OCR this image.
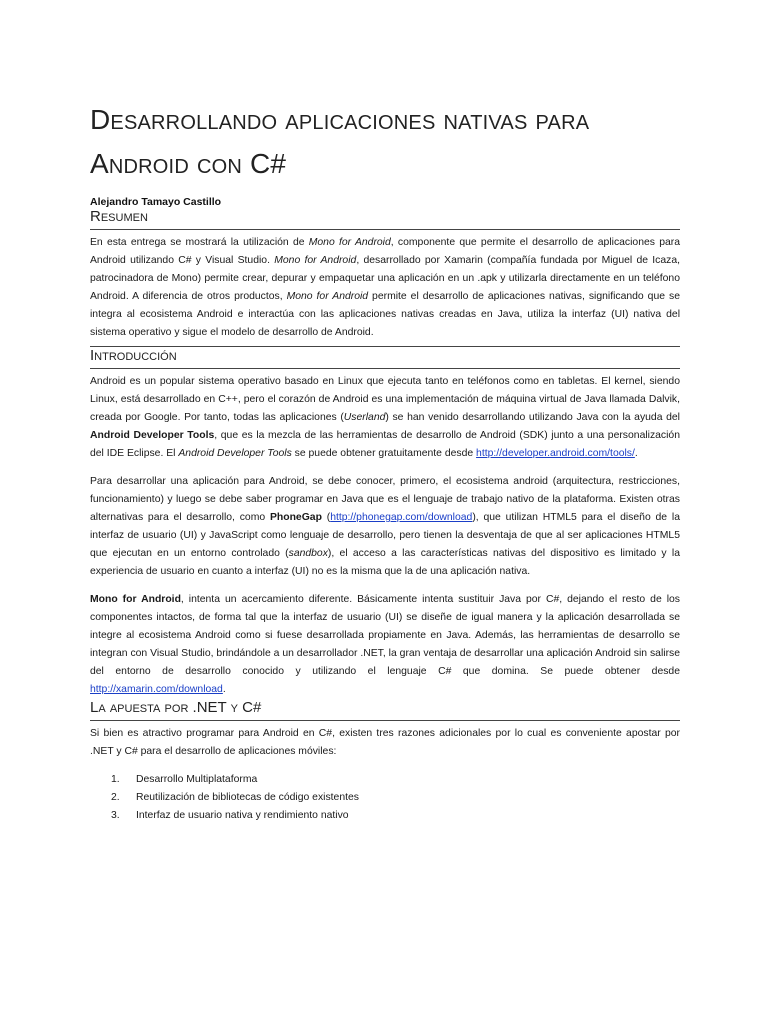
Desarrollando aplicaciones nativas para
Android con C#
Alejandro Tamayo Castillo
Resumen

En esta entrega se mostrará la utilización de Mono for Android, componente que permite el desarrollo de aplicaciones para Android utilizando C# y Visual Studio. Mono for Android, desarrollado por Xamarin (compañía fundada por Miguel de Icaza, patrocinadora de Mono) permite crear, depurar y empaquetar una aplicación en un .apk y utilizarla directamente en un teléfono Android. A diferencia de otros productos, Mono for Android permite el desarrollo de aplicaciones nativas, significando que se integra al ecosistema Android e interactúa con las aplicaciones nativas creadas en Java, utiliza la interfaz (UI) nativa del sistema operativo y sigue el modelo de desarrollo de Android.

Introducción

Android es un popular sistema operativo basado en Linux que ejecuta tanto en teléfonos como en tabletas. El kernel, siendo Linux, está desarrollado en C++, pero el corazón de Android es una implementación de máquina virtual de Java llamada Dalvik, creada por Google. Por tanto, todas las aplicaciones (Userland) se han venido desarrollando utilizando Java con la ayuda del Android Developer Tools, que es la mezcla de las herramientas de desarrollo de Android (SDK) junto a una personalización del IDE Eclipse. El Android Developer Tools se puede obtener gratuitamente desde http://developer.android.com/tools/.

Para desarrollar una aplicación para Android, se debe conocer, primero, el ecosistema android (arquitectura, restricciones, funcionamiento) y luego se debe saber programar en Java que es el lenguaje de trabajo nativo de la plataforma. Existen otras alternativas para el desarrollo, como PhoneGap (http://phonegap.com/download), que utilizan HTML5 para el diseño de la interfaz de usuario (UI) y JavaScript como lenguaje de desarrollo, pero tienen la desventaja de que al ser aplicaciones HTML5 que ejecutan en un entorno controlado (sandbox), el acceso a las características nativas del dispositivo es limitado y la experiencia de usuario en cuanto a interfaz (UI) no es la misma que la de una aplicación nativa.

Mono for Android, intenta un acercamiento diferente. Básicamente intenta sustituir Java por C#, dejando el resto de los componentes intactos, de forma tal que la interfaz de usuario (UI) se diseñe de igual manera y la aplicación desarrollada se integre al ecosistema Android como si fuese desarrollada propiamente en Java. Además, las herramientas de desarrollo se integran con Visual Studio, brindándole a un desarrollador .NET, la gran ventaja de desarrollar una aplicación Android sin salirse del entorno de desarrollo conocido y utilizando el lenguaje C# que domina. Se puede obtener desde http://xamarin.com/download.

La apuesta por .NET y C#

Si bien es atractivo programar para Android en C#, existen tres razones adicionales por lo cual es conveniente apostar por .NET y C# para el desarrollo de aplicaciones móviles:

1.	Desarrollo Multiplataforma
2.	Reutilización de bibliotecas de código existentes
3.	Interfaz de usuario nativa y rendimiento nativo
